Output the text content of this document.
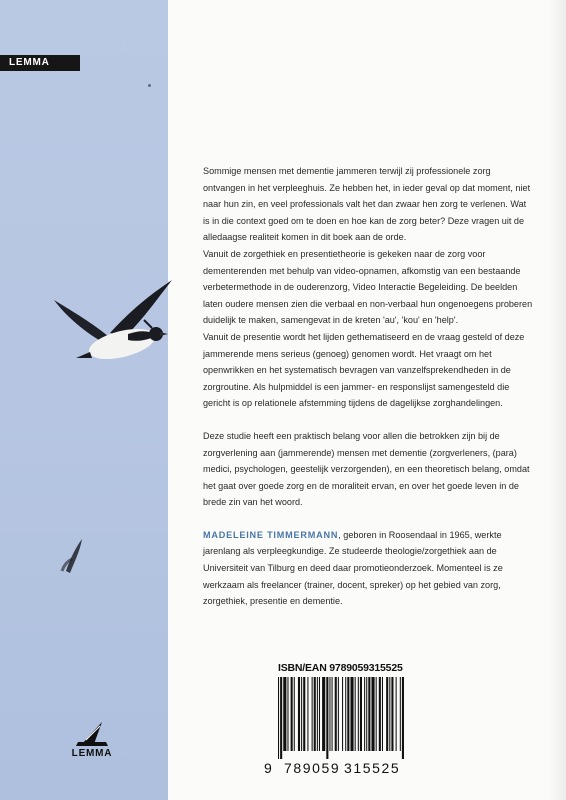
LEMMA

Sommige mensen met dementie jammeren terwijl zij professionele zorg ontvangen in het verpleeghuis. Ze hebben het, in ieder geval op dat moment, niet naar hun zin, en veel professionals valt het dan zwaar hen zorg te verlenen. Wat is in die context goed om te doen en hoe kan de zorg beter? Deze vragen uit de alledaagse realiteit komen in dit boek aan de orde.

Vanuit de zorgethiek en presentietheorie is gekeken naar de zorg voor dementerenden met behulp van video-opnamen, afkomstig van een bestaande verbetermethode in de ouderenzorg, Video Interactie Begeleiding. De beelden laten oudere mensen zien die verbaal en non-verbaal hun ongenoegens proberen duidelijk te maken, samengevat in de kreten 'au', 'kou' en 'help'.

Vanuit de presentie wordt het lijden gethematiseerd en de vraag gesteld of deze jammerende mens serieus (genoeg) genomen wordt. Het vraagt om het openwrikken en het systematisch bevragen van vanzelfsprekendheden in de zorgroutine. Als hulpmiddel is een jammer- en responslijst samengesteld die gericht is op relationele afstemming tijdens de dagelijkse zorghandelingen.

Deze studie heeft een praktisch belang voor allen die betrokken zijn bij de zorgverlening aan (jammerende) mensen met dementie (zorgverleners, (para) medici, psychologen, geestelijk verzorgenden), en een theoretisch belang, omdat het gaat over goede zorg en de moraliteit ervan, en over het goede leven in de brede zin van het woord.

MADELEINE TIMMERMANN, geboren in Roosendaal in 1965, werkte jarenlang als verpleegkundige. Ze studeerde theologie/zorgethiek aan de Universiteit van Tilburg en deed daar promotieonderzoek. Momenteel is ze werkzaam als freelancer (trainer, docent, spreker) op het gebied van zorg, zorgethiek, presentie en dementie.

ISBN/EAN 9789059315525
9 789059 315525
LEMMA
